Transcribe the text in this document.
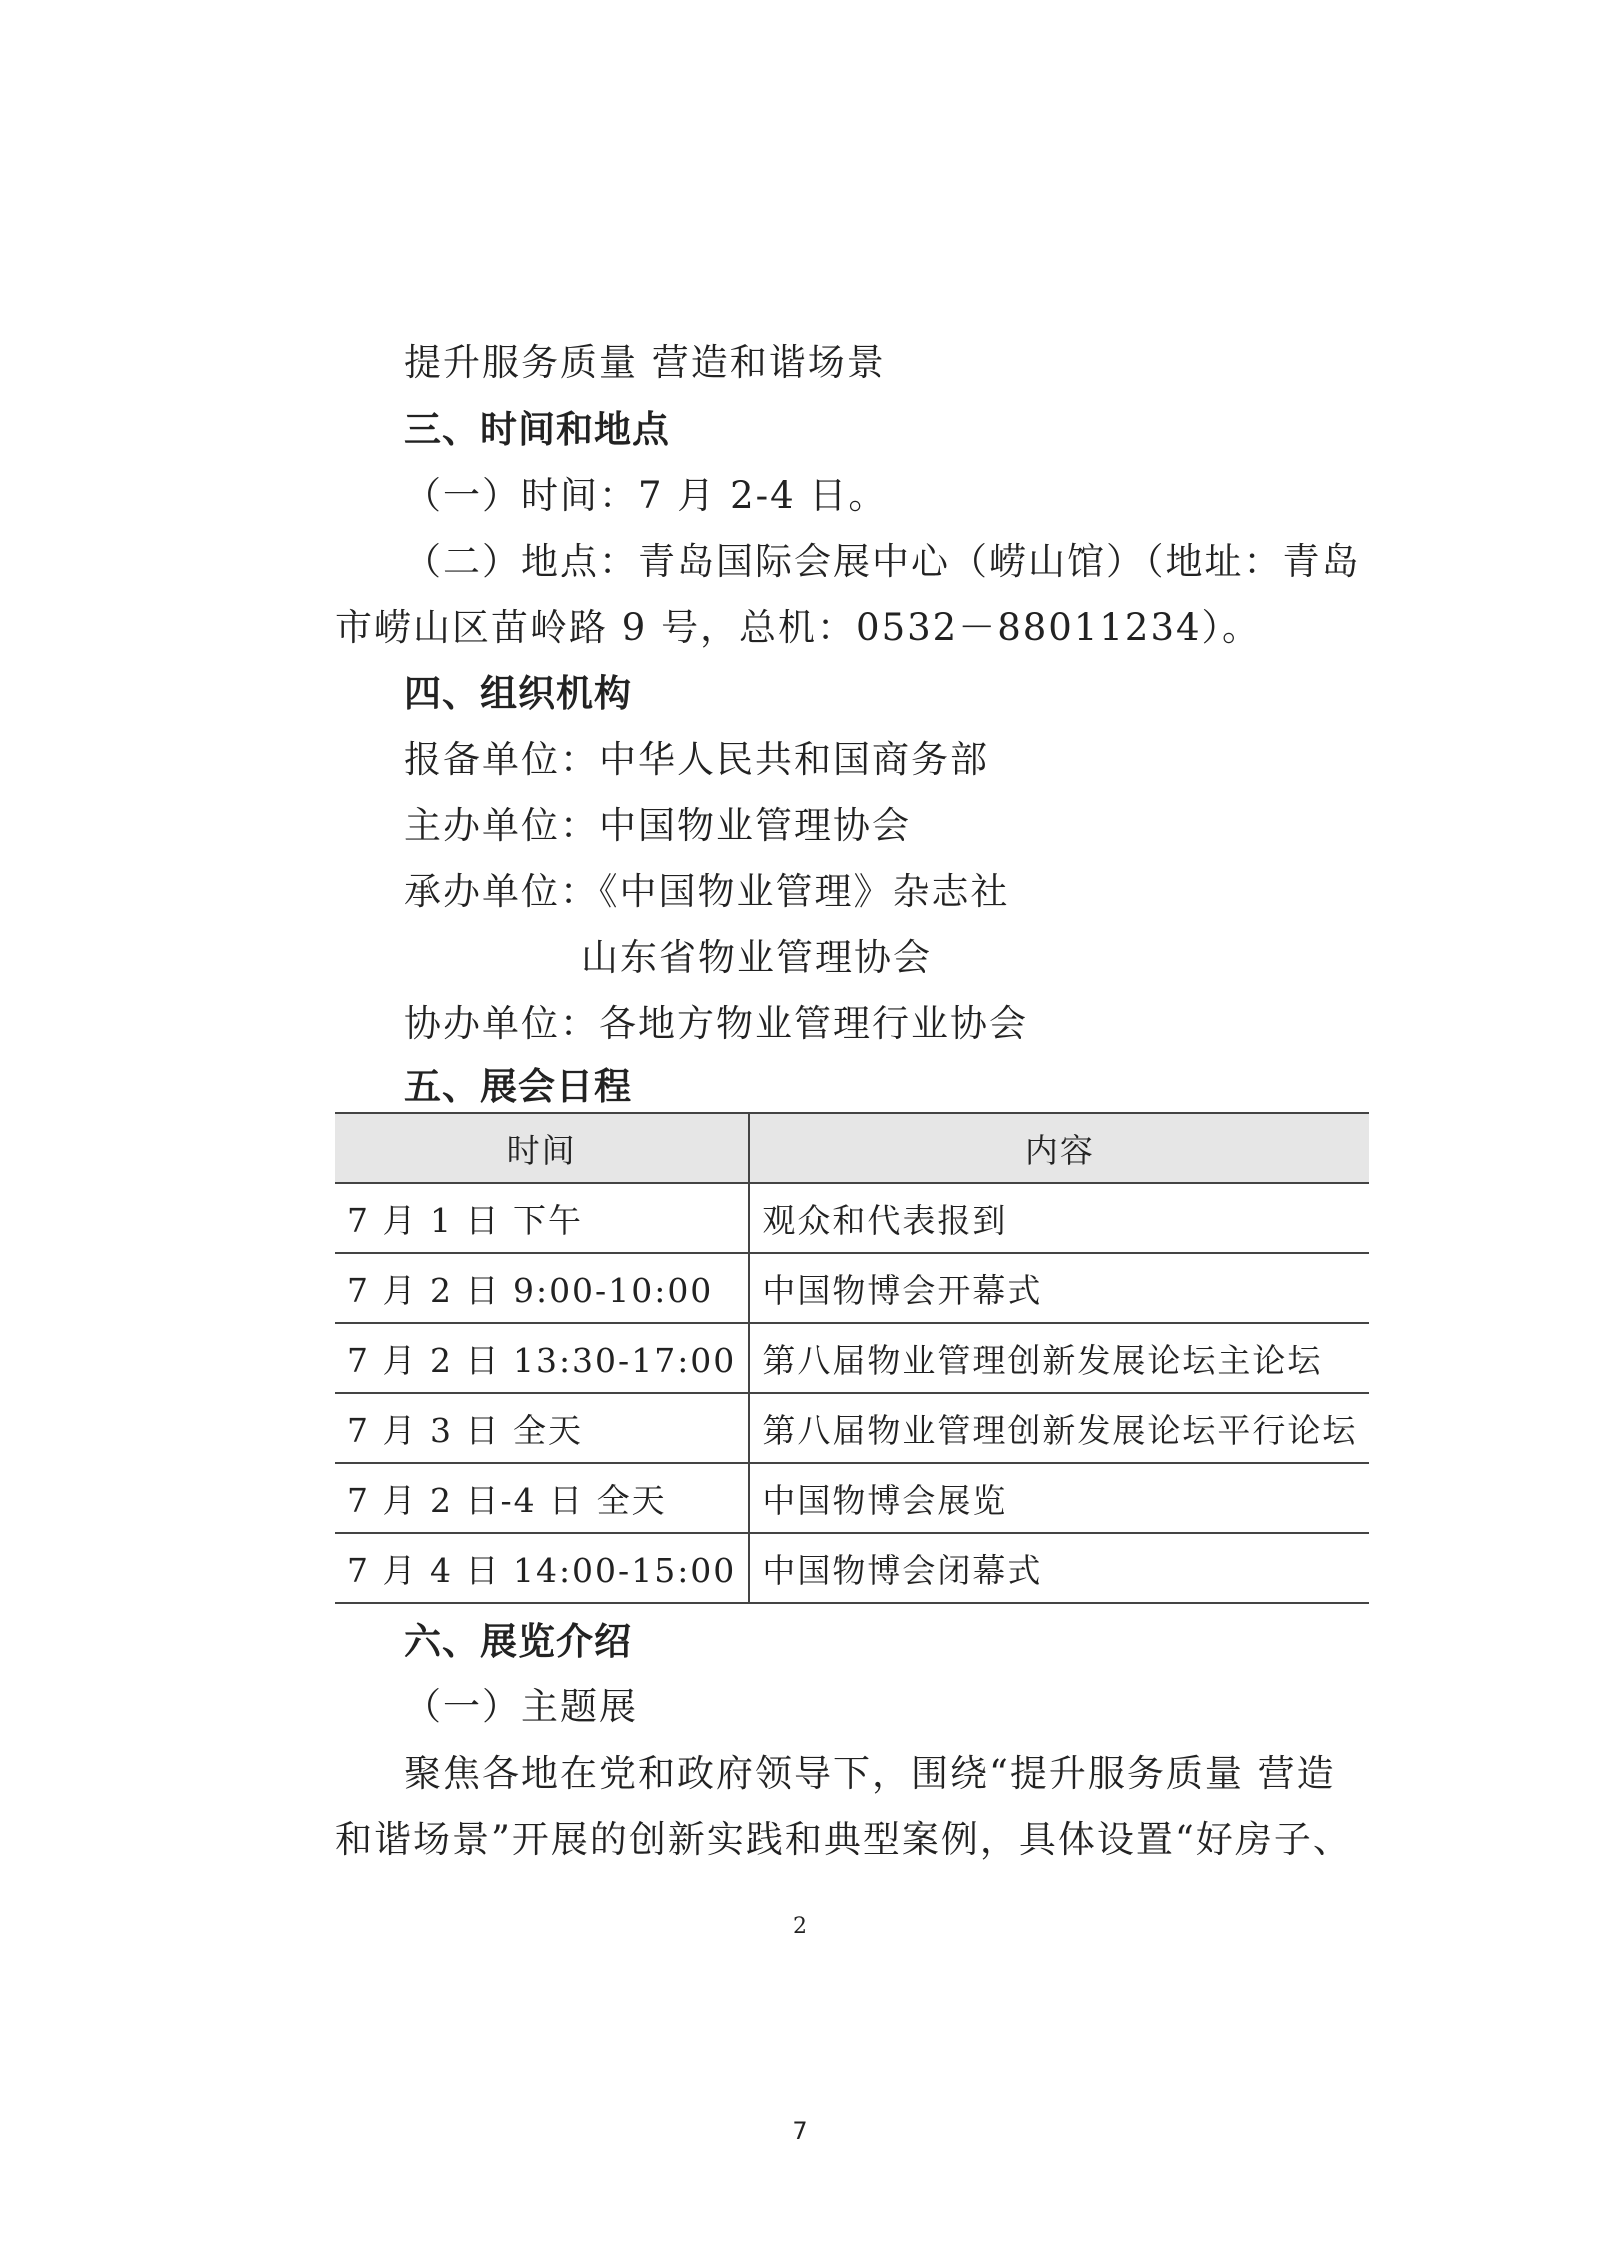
提升服务质量 营造和谐场景
三、时间和地点
（一）时间：7 月 2-4 日。
（二）地点：青岛国际会展中心（崂山馆）（地址：青岛
市崂山区苗岭路 9 号，总机：0532－88011234）。
四、组织机构
报备单位：中华人民共和国商务部
主办单位：中国物业管理协会
承办单位：《中国物业管理》杂志社
山东省物业管理协会
协办单位：各地方物业管理行业协会
五、展会日程
时间	内容
7 月 1 日 下午	观众和代表报到
7 月 2 日 9:00-10:00	中国物博会开幕式
7 月 2 日 13:30-17:00	第八届物业管理创新发展论坛主论坛
7 月 3 日 全天	第八届物业管理创新发展论坛平行论坛
7 月 2 日-4 日 全天	中国物博会展览
7 月 4 日 14:00-15:00	中国物博会闭幕式
六、展览介绍
（一）主题展
聚焦各地在党和政府领导下，围绕“提升服务质量 营造
和谐场景”开展的创新实践和典型案例，具体设置“好房子、
2
7
